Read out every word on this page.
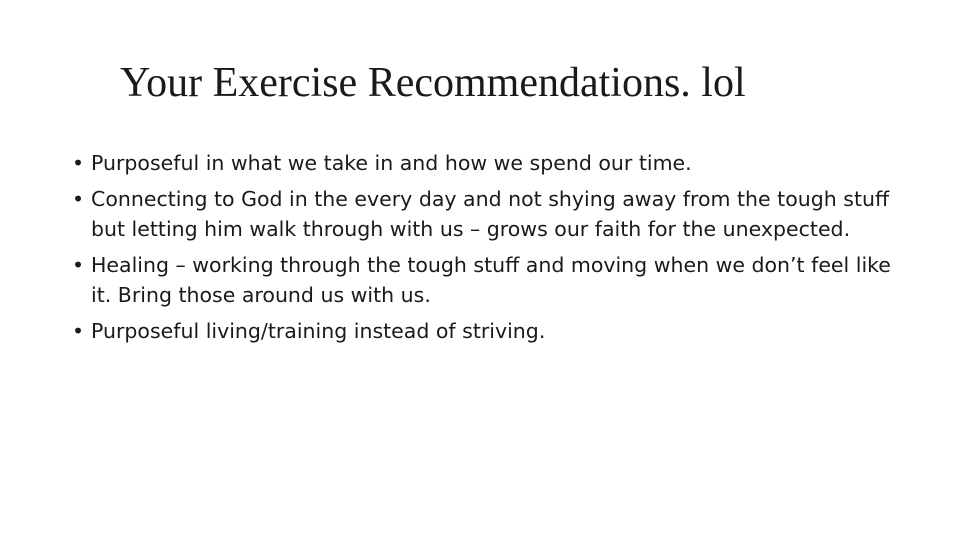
Your Exercise Recommendations. lol
• Purposeful in what we take in and how we spend our time.
• Connecting to God in the every day and not shying away from the tough stuff but letting him walk through with us – grows our faith for the unexpected.
• Healing – working through the tough stuff and moving when we don’t feel like it. Bring those around us with us.
• Purposeful living/training instead of striving.
